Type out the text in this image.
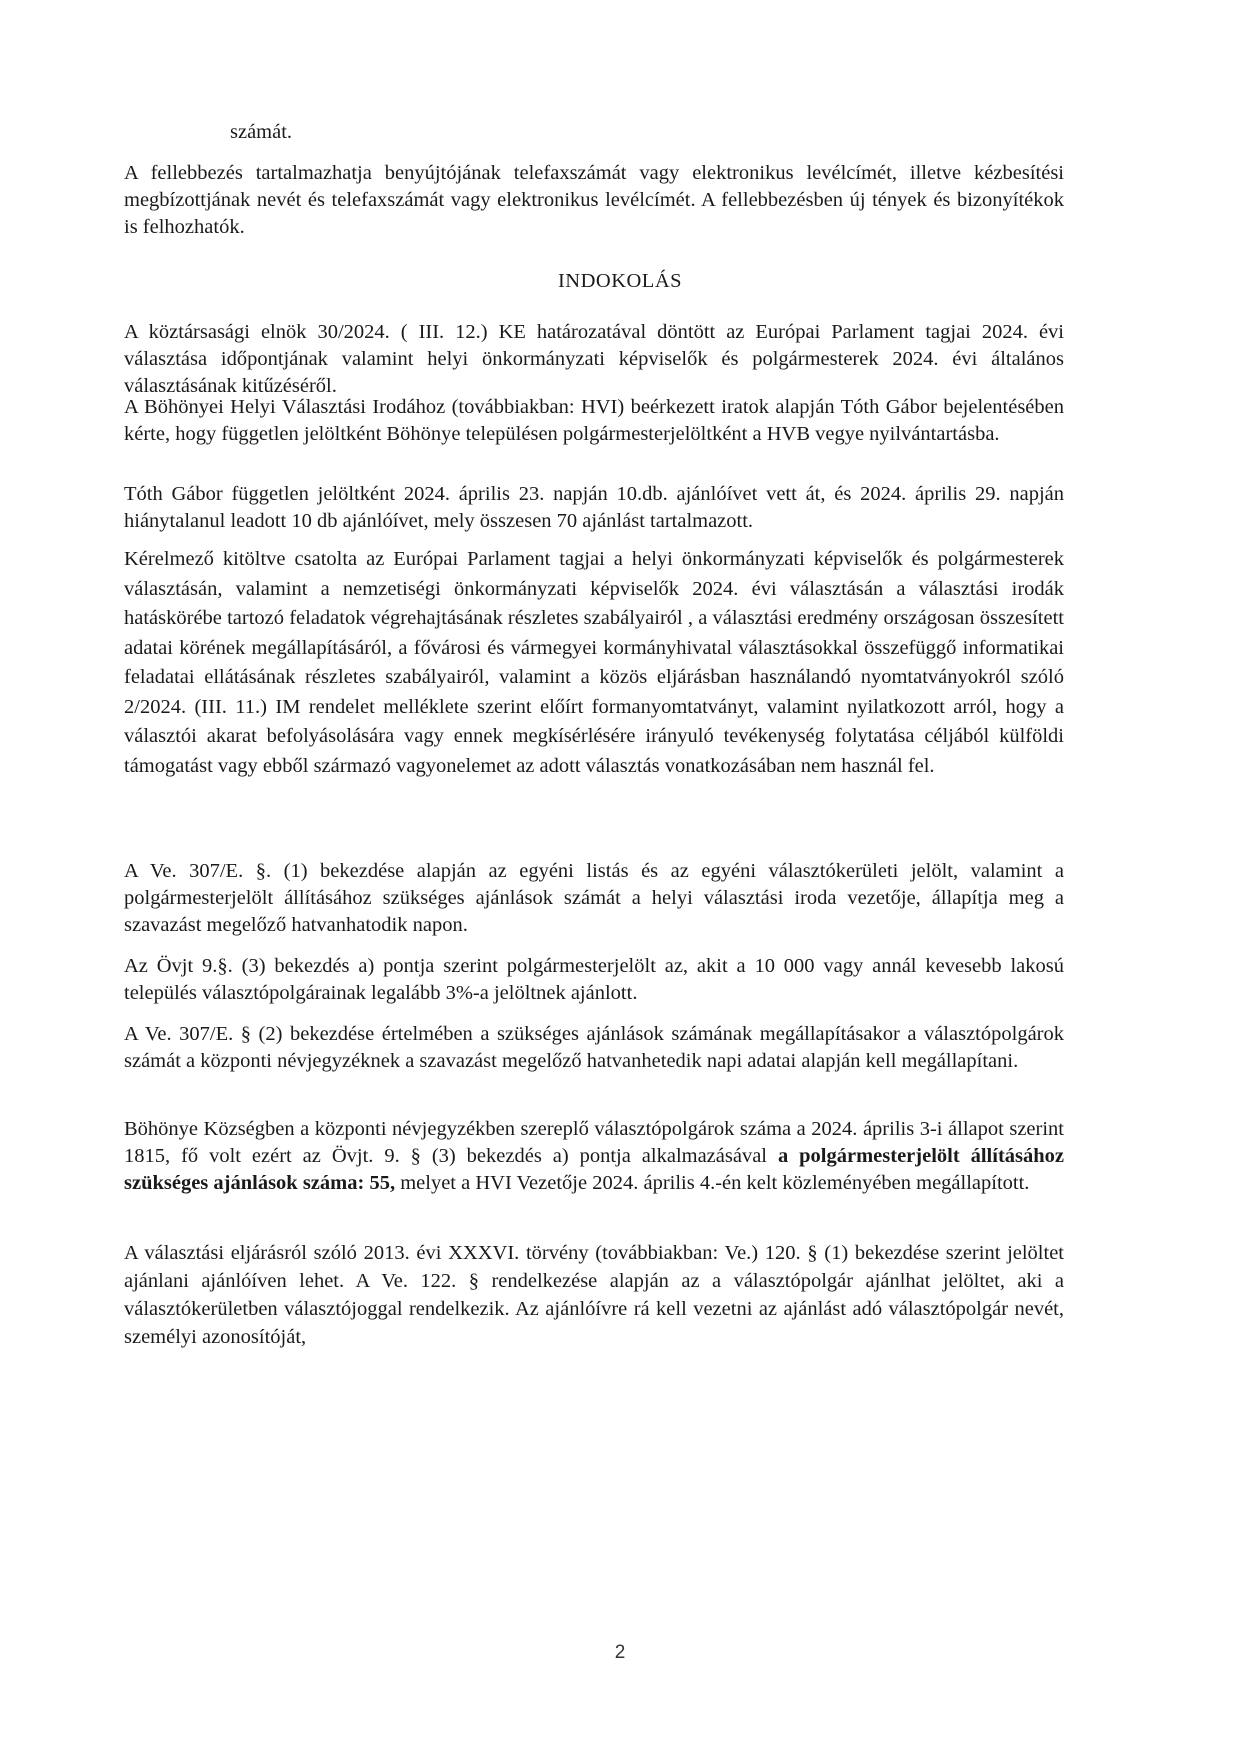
számát.

A fellebbezés tartalmazhatja benyújtójának telefaxszámát vagy elektronikus levélcímét, illetve kézbesítési megbízottjának nevét és telefaxszámát vagy elektronikus levélcímét. A fellebbezésben új tények és bizonyítékok is felhozhatók.

INDOKOLÁS

A köztársasági elnök 30/2024. ( III. 12.) KE határozatával döntött az Európai Parlament tagjai 2024. évi választása időpontjának valamint helyi önkormányzati képviselők és polgármesterek 2024. évi általános választásának kitűzéséről.

A Böhönyei Helyi Választási Irodához (továbbiakban: HVI) beérkezett iratok alapján Tóth Gábor bejelentésében kérte, hogy független jelöltként Böhönye településen polgármesterjelöltként a HVB vegye nyilvántartásba.

Tóth Gábor független jelöltként 2024. április 23. napján 10.db. ajánlóívet vett át, és 2024. április 29. napján hiánytalanul leadott 10 db ajánlóívet, mely összesen 70 ajánlást tartalmazott.

Kérelmező kitöltve csatolta az Európai Parlament tagjai a helyi önkormányzati képviselők és polgármesterek választásán, valamint a nemzetiségi önkormányzati képviselők 2024. évi választásán a választási irodák hatáskörébe tartozó feladatok végrehajtásának részletes szabályairól , a választási eredmény országosan összesített adatai körének megállapításáról, a fővárosi és vármegyei kormányhivatal választásokkal összefüggő informatikai feladatai ellátásának részletes szabályairól, valamint a közös eljárásban használandó nyomtatványokról szóló 2/2024. (III. 11.) IM rendelet melléklete szerint előírt formanyomtatványt, valamint nyilatkozott arról, hogy a választói akarat befolyásolására vagy ennek megkísérlésére irányuló tevékenység folytatása céljából külföldi támogatást vagy ebből származó vagyonelemet az adott választás vonatkozásában nem használ fel.

A Ve. 307/E. §. (1) bekezdése alapján az egyéni listás és az egyéni választókerületi jelölt, valamint a polgármesterjelölt állításához szükséges ajánlások számát a helyi választási iroda vezetője, állapítja meg a szavazást megelőző hatvanhatodik napon.

Az Övjt 9.§. (3) bekezdés a) pontja szerint polgármesterjelölt az, akit a 10 000 vagy annál kevesebb lakosú település választópolgárainak legalább 3%-a jelöltnek ajánlott.

A Ve. 307/E. § (2) bekezdése értelmében a szükséges ajánlások számának megállapításakor a választópolgárok számát a központi névjegyzéknek a szavazást megelőző hatvanhetedik napi adatai alapján kell megállapítani.

Böhönye Községben a központi névjegyzékben szereplő választópolgárok száma a 2024. április 3-i állapot szerint 1815, fő volt ezért az Övjt. 9. § (3) bekezdés a) pontja alkalmazásával a polgármesterjelölt állításához szükséges ajánlások száma: 55, melyet a HVI Vezetője 2024. április 4.-én kelt közleményében megállapított.

A választási eljárásról szóló 2013. évi XXXVI. törvény (továbbiakban: Ve.) 120. § (1) bekezdése szerint jelöltet ajánlani ajánlóíven lehet. A Ve. 122. § rendelkezése alapján az a választópolgár ajánlhat jelöltet, aki a választókerületben választójoggal rendelkezik. Az ajánlóívre rá kell vezetni az ajánlást adó választópolgár nevét, személyi azonosítóját,

2
